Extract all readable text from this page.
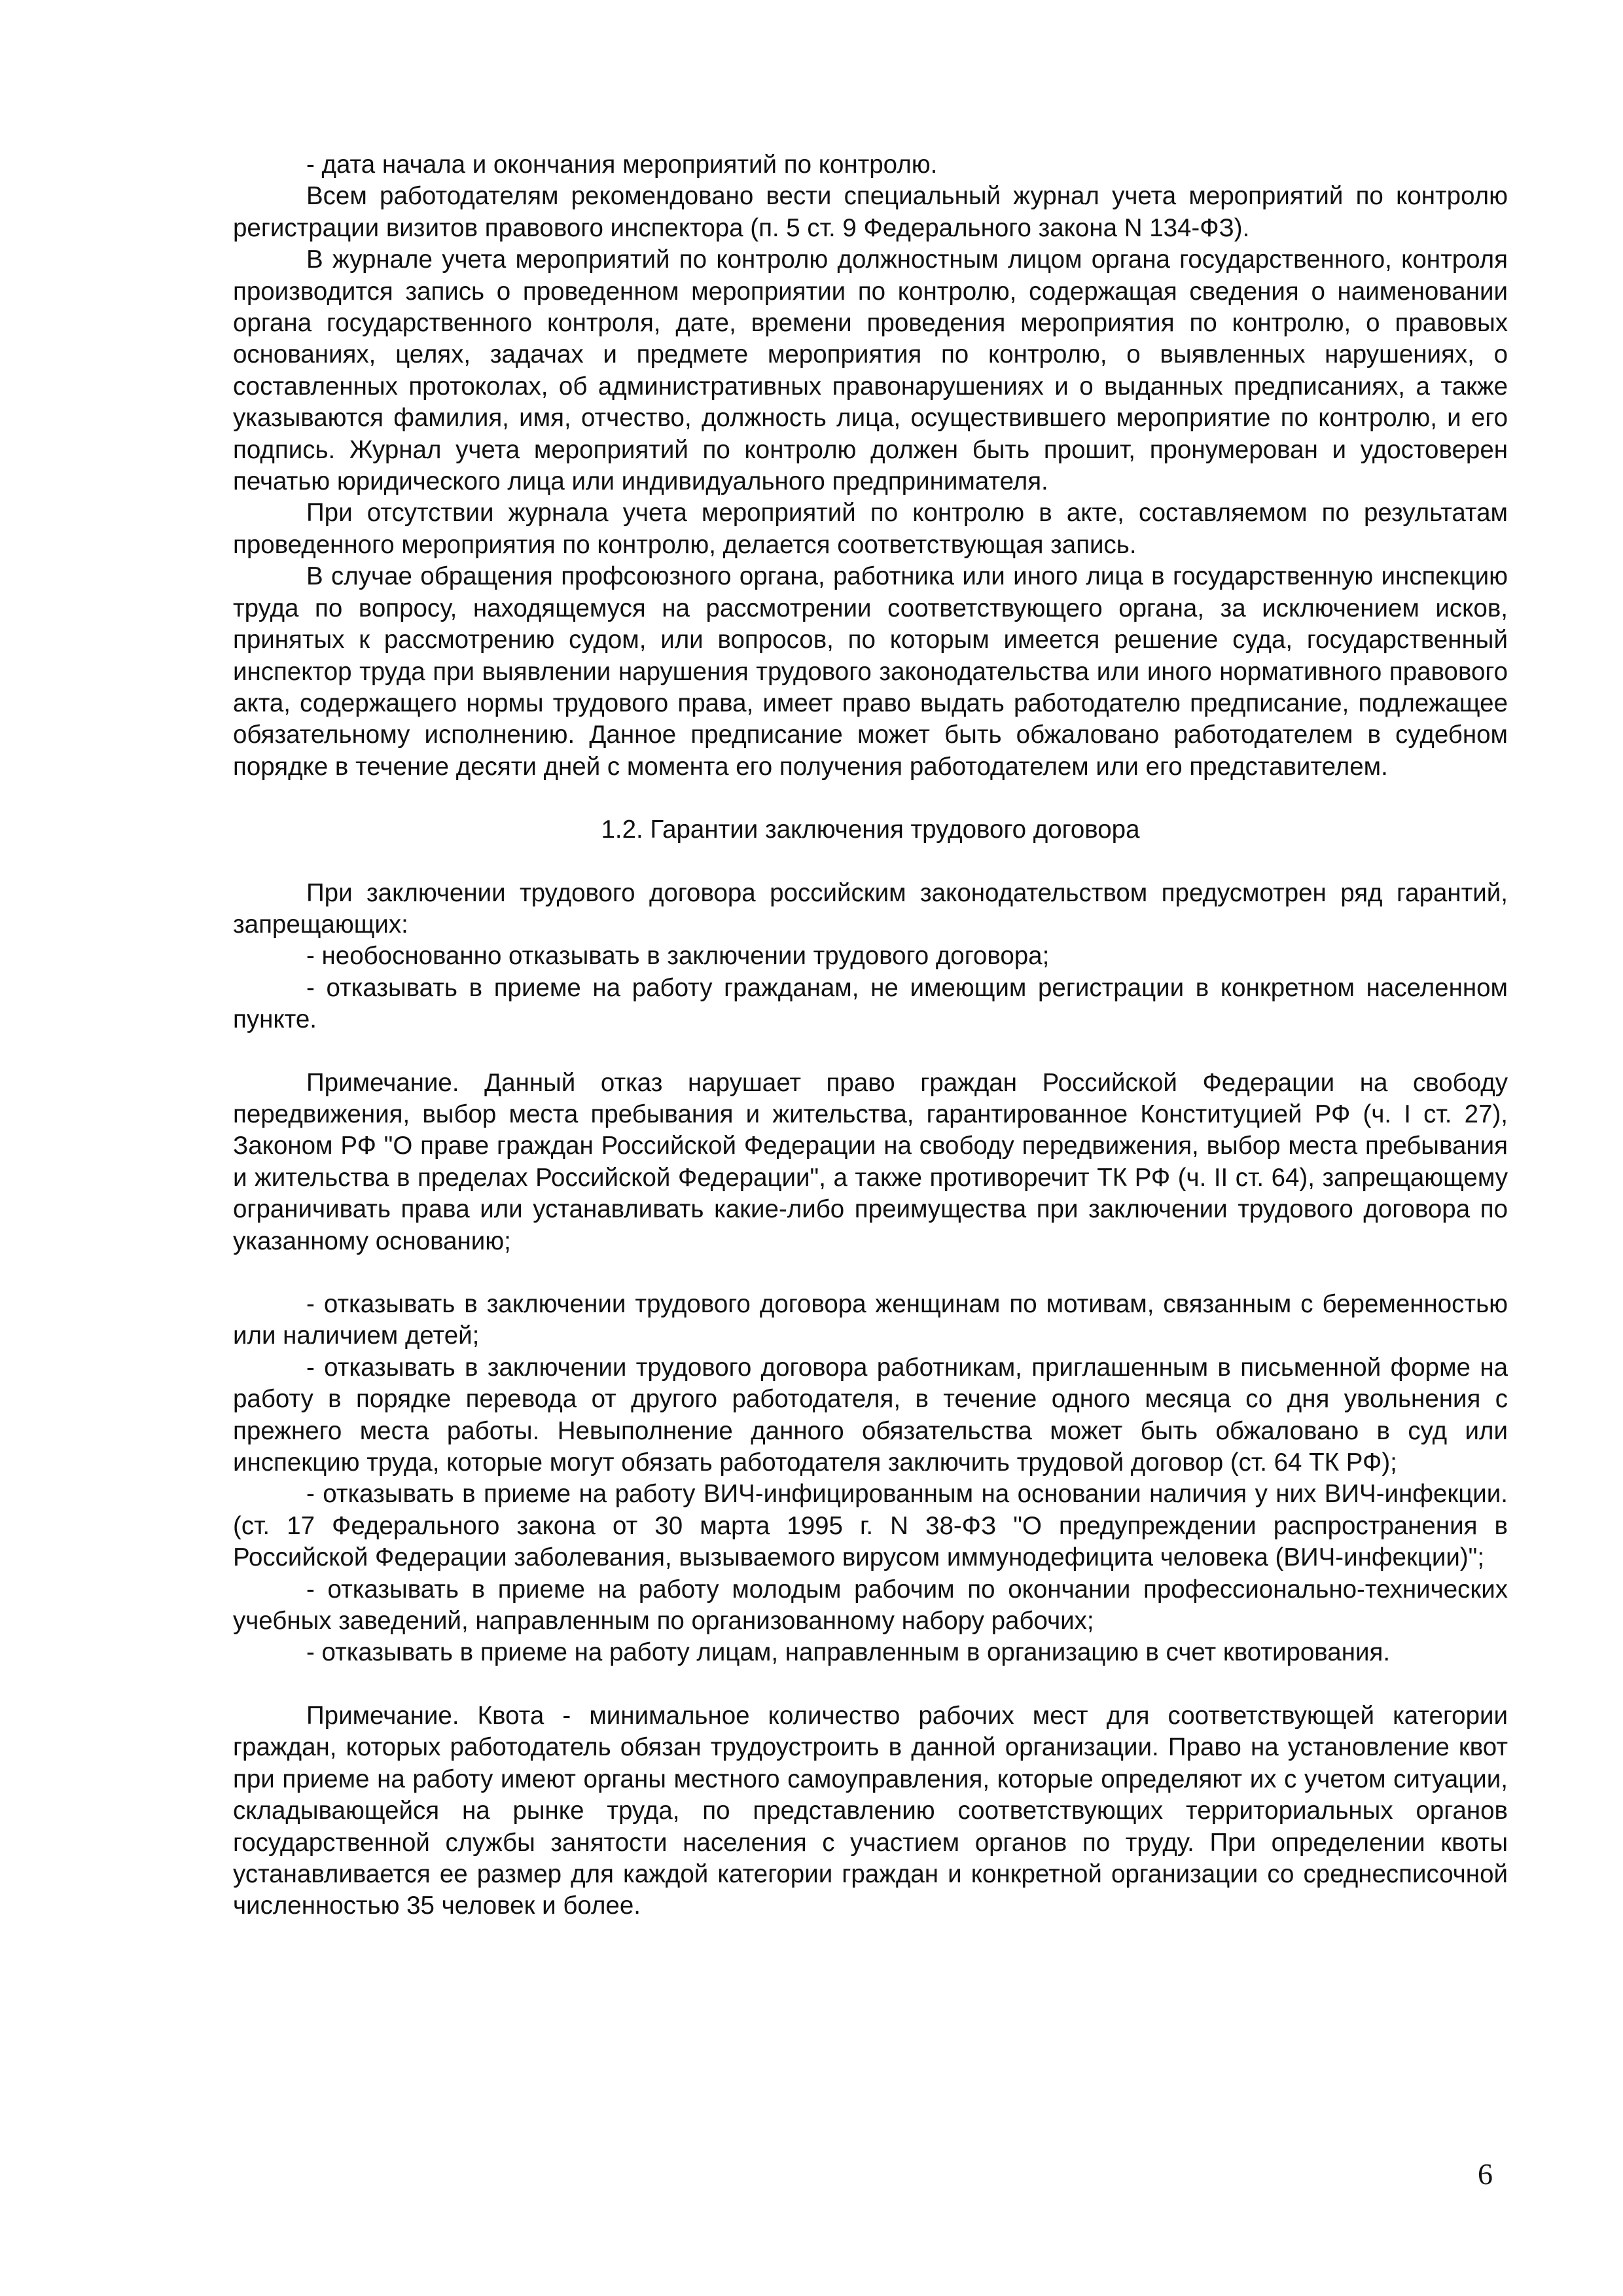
- дата начала и окончания мероприятий по контролю.

Всем работодателям рекомендовано вести специальный журнал учета мероприятий по контролю регистрации визитов правового инспектора (п. 5 ст. 9 Федерального закона N 134-ФЗ).

В журнале учета мероприятий по контролю должностным лицом органа государственного, контроля производится запись о проведенном мероприятии по контролю, содержащая сведения о наименовании органа государственного контроля, дате, времени проведения мероприятия по контролю, о правовых основаниях, целях, задачах и предмете мероприятия по контролю, о выявленных нарушениях, о составленных протоколах, об административных правонарушениях и о выданных предписаниях, а также указываются фамилия, имя, отчество, должность лица, осуществившего мероприятие по контролю, и его подпись. Журнал учета мероприятий по контролю должен быть прошит, пронумерован и удостоверен печатью юридического лица или индивидуального предпринимателя.

При отсутствии журнала учета мероприятий по контролю в акте, составляемом по результатам проведенного мероприятия по контролю, делается соответствующая запись.

В случае обращения профсоюзного органа, работника или иного лица в государственную инспекцию труда по вопросу, находящемуся на рассмотрении соответствующего органа, за исключением исков, принятых к рассмотрению судом, или вопросов, по которым имеется решение суда, государственный инспектор труда при выявлении нарушения трудового законодательства или иного нормативного правового акта, содержащего нормы трудового права, имеет право выдать работодателю предписание, подлежащее обязательному исполнению. Данное предписание может быть обжаловано работодателем в судебном порядке в течение десяти дней с момента его получения работодателем или его представителем.

1.2. Гарантии заключения трудового договора

При заключении трудового договора российским законодательством предусмотрен ряд гарантий, запрещающих:

- необоснованно отказывать в заключении трудового договора;

- отказывать в приеме на работу гражданам, не имеющим регистрации в конкретном населенном пункте.

Примечание. Данный отказ нарушает право граждан Российской Федерации на свободу передвижения, выбор места пребывания и жительства, гарантированное Конституцией РФ (ч. I ст. 27), Законом РФ "О праве граждан Российской Федерации на свободу передвижения, выбор места пребывания и жительства в пределах Российской Федерации", а также противоречит ТК РФ (ч. II ст. 64), запрещающему ограничивать права или устанавливать какие-либо преимущества при заключении трудового договора по указанному основанию;

- отказывать в заключении трудового договора женщинам по мотивам, связанным с беременностью или наличием детей;

- отказывать в заключении трудового договора работникам, приглашенным в письменной форме на работу в порядке перевода от другого работодателя, в течение одного месяца со дня увольнения с прежнего места работы. Невыполнение данного обязательства может быть обжаловано в суд или инспекцию труда, которые могут обязать работодателя заключить трудовой договор (ст. 64 ТК РФ);

- отказывать в приеме на работу ВИЧ-инфицированным на основании наличия у них ВИЧ-инфекции. (ст. 17 Федерального закона от 30 марта 1995 г. N 38-ФЗ "О предупреждении распространения в Российской Федерации заболевания, вызываемого вирусом иммунодефицита человека (ВИЧ-инфекции)";

- отказывать в приеме на работу молодым рабочим по окончании профессионально-технических учебных заведений, направленным по организованному набору рабочих;

- отказывать в приеме на работу лицам, направленным в организацию в счет квотирования.

Примечание. Квота - минимальное количество рабочих мест для соответствующей категории граждан, которых работодатель обязан трудоустроить в данной организации. Право на установление квот при приеме на работу имеют органы местного самоуправления, которые определяют их с учетом ситуации, складывающейся на рынке труда, по представлению соответствующих территориальных органов государственной службы занятости населения с участием органов по труду. При определении квоты устанавливается ее размер для каждой категории граждан и конкретной организации со среднесписочной численностью 35 человек и более.

6
